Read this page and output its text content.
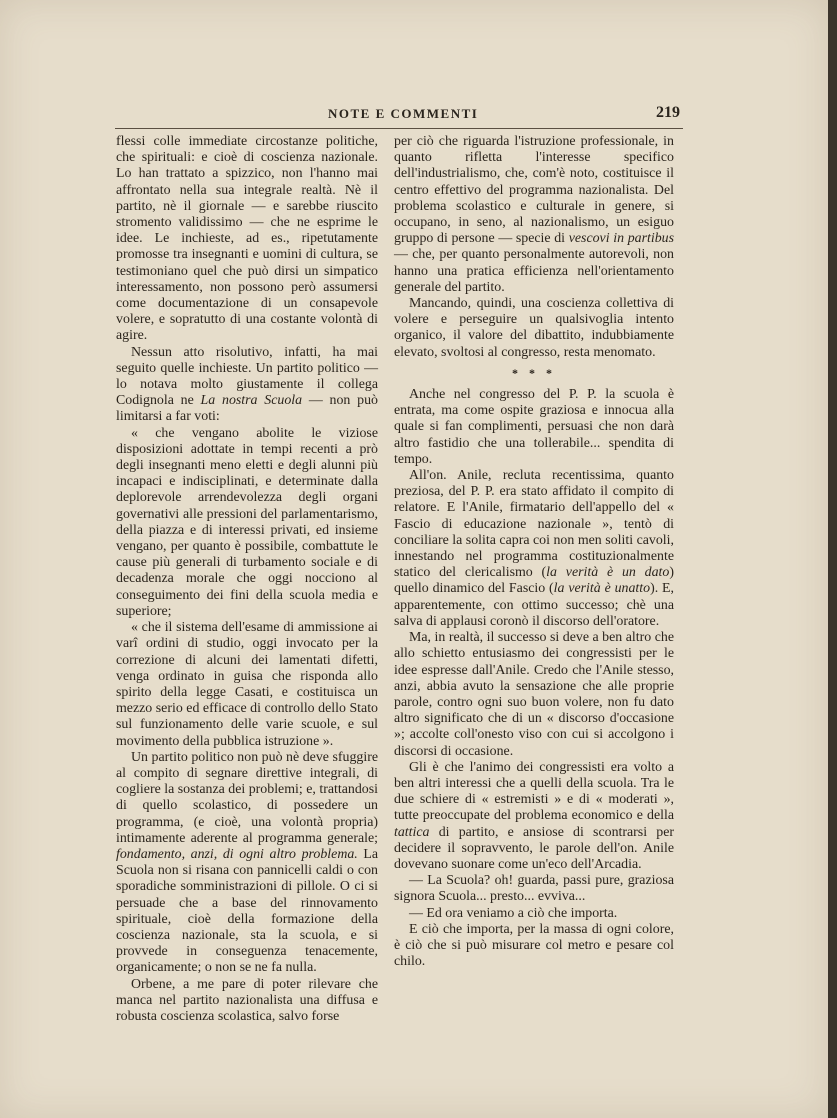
NOTE E COMMENTI	219

flessi colle immediate circostanze politiche, che spirituali: e cioè di coscienza nazionale. Lo han trattato a spizzico, non l'hanno mai affrontato nella sua integrale realtà. Nè il partito, nè il giornale — e sarebbe riuscito stromento validissimo — che ne esprime le idee. Le inchieste, ad es., ripetutamente promosse tra insegnanti e uomini di cultura, se testimoniano quel che può dirsi un simpatico interessamento, non possono però assumersi come documentazione di un consapevole volere, e sopratutto di una costante volontà di agire.

Nessun atto risolutivo, infatti, ha mai seguito quelle inchieste. Un partito politico — lo notava molto giustamente il collega Codignola ne La nostra Scuola — non può limitarsi a far voti:

« che vengano abolite le viziose disposizioni adottate in tempi recenti a prò degli insegnanti meno eletti e degli alunni più incapaci e indisciplinati, e determinate dalla deplorevole arrendevolezza degli organi governativi alle pressioni del parlamentarismo, della piazza e di interessi privati, ed insieme vengano, per quanto è possibile, combattute le cause più generali di turbamento sociale e di decadenza morale che oggi nocciono al conseguimento dei fini della scuola media e superiore;

« che il sistema dell'esame di ammissione ai varî ordini di studio, oggi invocato per la correzione di alcuni dei lamentati difetti, venga ordinato in guisa che risponda allo spirito della legge Casati, e costituisca un mezzo serio ed efficace di controllo dello Stato sul funzionamento delle varie scuole, e sul movimento della pubblica istruzione ».

Un partito politico non può nè deve sfuggire al compito di segnare direttive integrali, di cogliere la sostanza dei problemi; e, trattandosi di quello scolastico, di possedere un programma, (e cioè, una volontà propria) intimamente aderente al programma generale; fondamento, anzi, di ogni altro problema. La Scuola non si risana con pannicelli caldi o con sporadiche somministrazioni di pillole. O ci si persuade che a base del rinnovamento spirituale, cioè della formazione della coscienza nazionale, sta la scuola, e si provvede in conseguenza tenacemente, organicamente; o non se ne fa nulla.

Orbene, a me pare di poter rilevare che manca nel partito nazionalista una diffusa e robusta coscienza scolastica, salvo forse

per ciò che riguarda l'istruzione professionale, in quanto rifletta l'interesse specifico dell'industrialismo, che, com'è noto, costituisce il centro effettivo del programma nazionalista. Del problema scolastico e culturale in genere, si occupano, in seno, al nazionalismo, un esiguo gruppo di persone — specie di vescovi in partibus — che, per quanto personalmente autorevoli, non hanno una pratica efficienza nell'orientamento generale del partito.

Mancando, quindi, una coscienza collettiva di volere e perseguire un qualsivoglia intento organico, il valore del dibattito, indubbiamente elevato, svoltosi al congresso, resta menomato.

* * *

Anche nel congresso del P. P. la scuola è entrata, ma come ospite graziosa e innocua alla quale si fan complimenti, persuasi che non darà altro fastidio che una tollerabile... spendita di tempo.

All'on. Anile, recluta recentissima, quanto preziosa, del P. P. era stato affidato il compito di relatore. E l'Anile, firmatario dell'appello del « Fascio di educazione nazionale », tentò di conciliare la solita capra coi non men soliti cavoli, innestando nel programma costituzionalmente statico del clericalismo (la verità è un dato) quello dinamico del Fascio (la verità è unatto). E, apparentemente, con ottimo successo; chè una salva di applausi coronò il discorso dell'oratore.

Ma, in realtà, il successo si deve a ben altro che allo schietto entusiasmo dei congressisti per le idee espresse dall'Anile. Credo che l'Anile stesso, anzi, abbia avuto la sensazione che alle proprie parole, contro ogni suo buon volere, non fu dato altro significato che di un « discorso d'occasione »; accolte coll'onesto viso con cui si accolgono i discorsi di occasione.

Gli è che l'animo dei congressisti era volto a ben altri interessi che a quelli della scuola. Tra le due schiere di « estremisti » e di « moderati », tutte preoccupate del problema economico e della tattica di partito, e ansiose di scontrarsi per decidere il sopravvento, le parole dell'on. Anile dovevano suonare come un'eco dell'Arcadia.

— La Scuola? oh! guarda, passi pure, graziosa signora Scuola... presto... evviva...

— Ed ora veniamo a ciò che importa.

E ciò che importa, per la massa di ogni colore, è ciò che si può misurare col metro e pesare col chilo.
